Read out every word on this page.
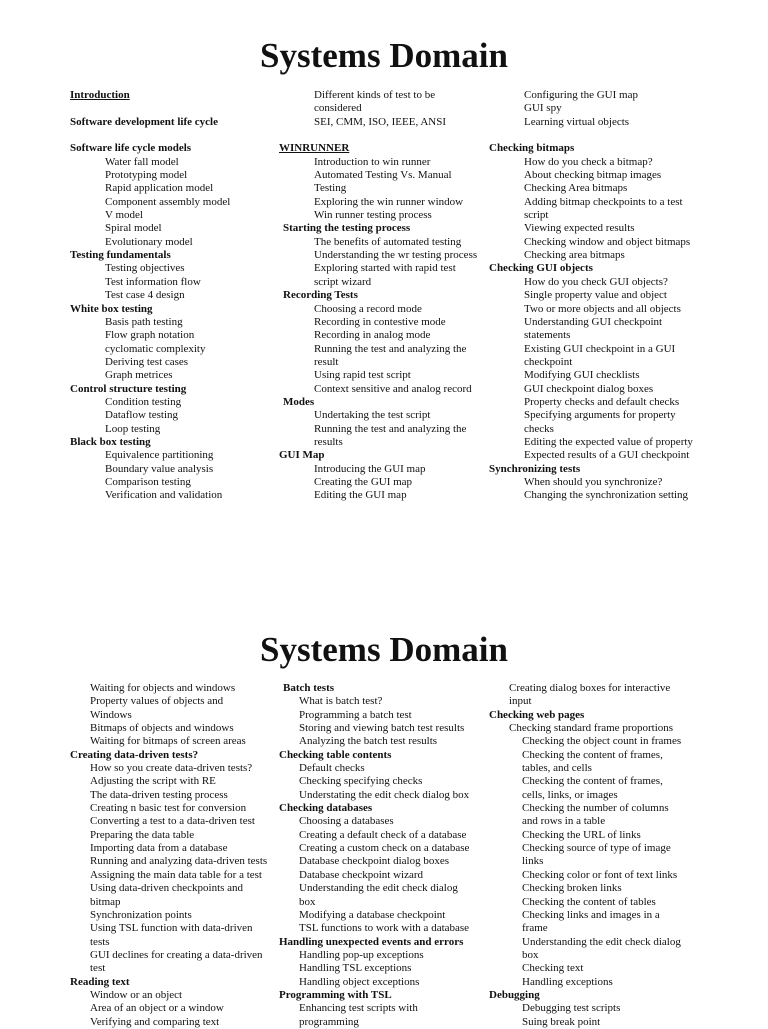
Systems Domain
Introduction
Software development life cycle
Software life cycle models
Water fall model
Prototyping model
Rapid application model
Component assembly model
V model
Spiral model
Evolutionary model
Testing fundamentals
Testing objectives
Test information flow
Test case 4 design
White box testing
Basis path testing
Flow graph notation
cyclomatic complexity
Deriving test cases
Graph metrices
Control structure testing
Condition testing
Dataflow testing
Loop testing
Black box testing
Equivalence partitioning
Boundary value analysis
Comparison testing
Verification and validation
Different kinds of test to be
considered
SEI, CMM, ISO, IEEE, ANSI
WINRUNNER
Introduction to win runner
Automated Testing Vs. Manual
Testing
Exploring the win runner window
Win runner testing process
Starting the testing process
The benefits of automated testing
Understanding the wr testing process
Exploring started with rapid test
script wizard
Recording Tests
Choosing a record mode
Recording in contestive mode
Recording in analog mode
Running the test and analyzing the
result
Using rapid test script
Context sensitive and analog record
Modes
Undertaking the test script
Running the test and analyzing the
results
GUI Map
Introducing the GUI map
Creating the GUI map
Editing the GUI map
Configuring the GUI map
GUI spy
Learning virtual objects
Checking bitmaps
How do you check a bitmap?
About checking bitmap images
Checking Area bitmaps
Adding bitmap checkpoints to a test
script
Viewing expected results
Checking window and object bitmaps
Checking area bitmaps
Checking GUI objects
How do you check GUI objects?
Single property value and object
Two or more objects and all objects
Understanding GUI checkpoint
statements
Existing GUI checkpoint in a GUI
checkpoint
Modifying GUI checklists
GUI checkpoint dialog boxes
Property checks and default checks
Specifying arguments for property
checks
Editing the expected value of property
Expected results of a GUI checkpoint
Synchronizing tests
When should you synchronize?
Changing the synchronization setting
Systems Domain
Waiting for objects and windows
Property values of objects and
Windows
Bitmaps of objects and windows
Waiting for bitmaps of screen areas
Creating data-driven tests?
How so you create data-driven tests?
Adjusting the script with RE
The data-driven testing process
Creating n basic test for conversion
Converting a test to a data-driven test
Preparing the data table
Importing data from a database
Running and analyzing data-driven tests
Assigning the main data table for a test
Using data-driven checkpoints and
bitmap
Synchronization points
Using TSL function with data-driven
tests
GUI declines for creating a data-driven
test
Reading text
Window or an object
Area of an object or a window
Verifying and comparing text
Batch tests
What is batch test?
Programming a batch test
Storing and viewing batch test results
Analyzing the batch test results
Checking table contents
Default checks
Checking specifying checks
Understating the edit check dialog box
Checking databases
Choosing a databases
Creating a default check of a database
Creating a custom check on a database
Database checkpoint dialog boxes
Database checkpoint wizard
Understanding the edit check dialog
box
Modifying a database checkpoint
TSL functions to work with a database
Handling unexpected events and errors
Handling pop-up exceptions
Handling TSL exceptions
Handling object exceptions
Programming with TSL
Enhancing test scripts with
programming
Creating dialog boxes for interactive
input
Checking web pages
Checking standard frame proportions
Checking the object count in frames
Checking the content of frames,
tables, and cells
Checking the content of frames,
cells, links, or images
Checking the number of columns
and rows in a table
Checking the URL of links
Checking source of type of image
links
Checking color or font of text links
Checking broken links
Checking the content of tables
Checking links and images in a
frame
Understanding the edit check dialog
box
Checking text
Handling exceptions
Debugging
Debugging test scripts
Suing break point
